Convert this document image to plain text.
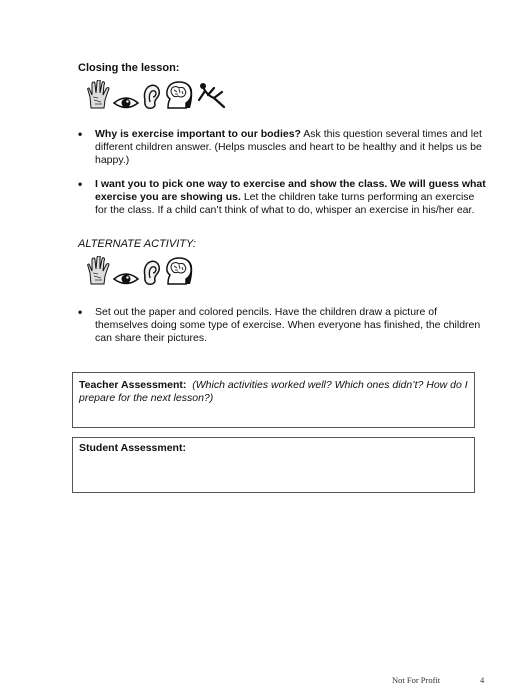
Closing the lesson:
•	Why is exercise important to our bodies? Ask this question several times and let different children answer. (Helps muscles and heart to be healthy and it helps us be happy.)
•	I want you to pick one way to exercise and show the class. We will guess what exercise you are showing us. Let the children take turns performing an exercise for the class. If a child can’t think of what to do, whisper an exercise in his/her ear.
ALTERNATE ACTIVITY:
•	Set out the paper and colored pencils. Have the children draw a picture of themselves doing some type of exercise. When everyone has finished, the children can share their pictures.
Teacher Assessment: (Which activities worked well? Which ones didn’t? How do I prepare for the next lesson?)
Student Assessment:
Not For Profit	4
